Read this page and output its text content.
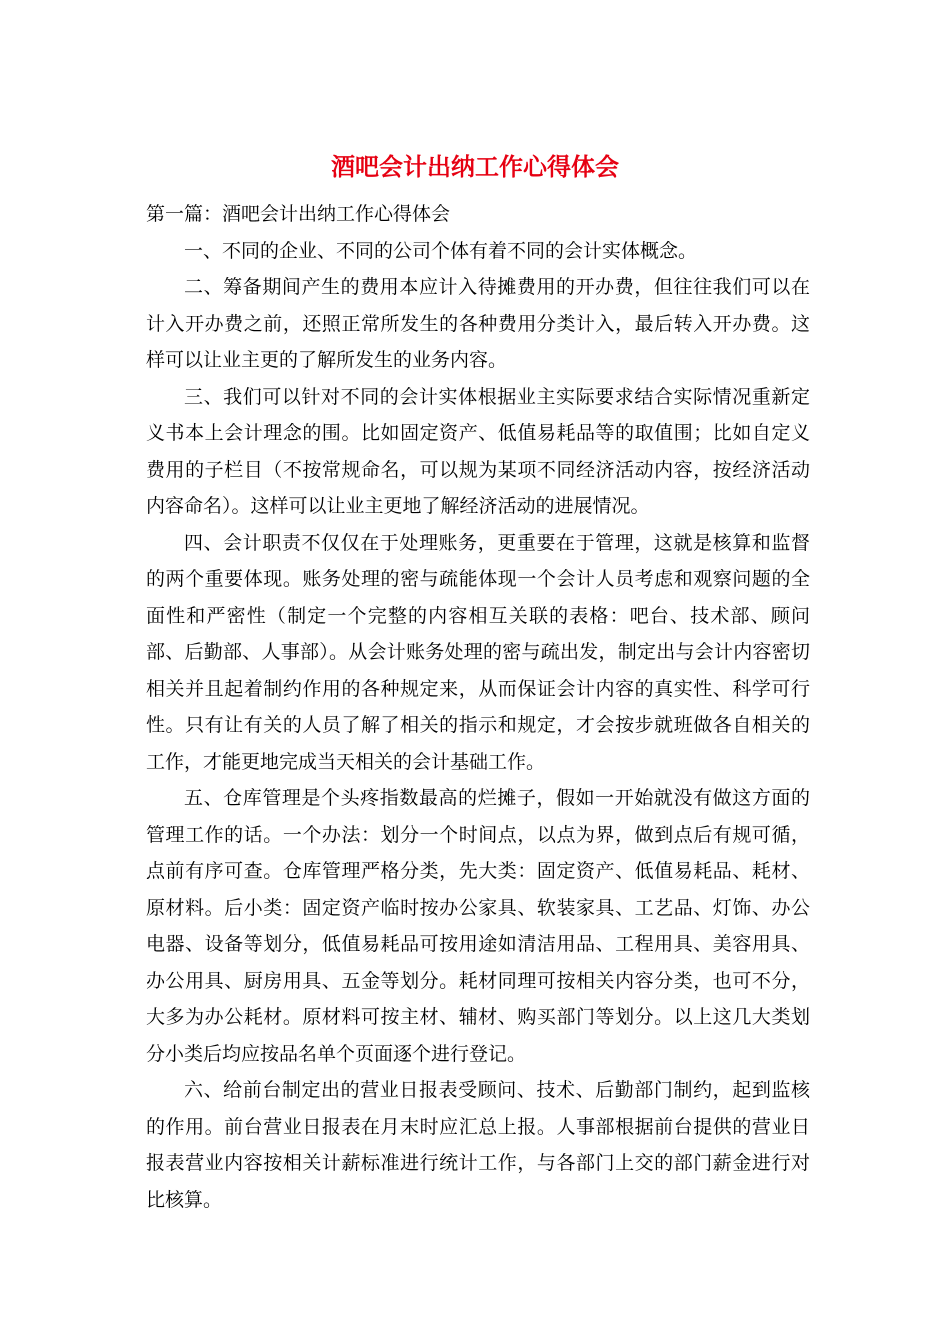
酒吧会计出纳工作心得体会

第一篇：酒吧会计出纳工作心得体会

一、不同的企业、不同的公司个体有着不同的会计实体概念。

二、筹备期间产生的费用本应计入待摊费用的开办费，但往往我们可以在计入开办费之前，还照正常所发生的各种费用分类计入，最后转入开办费。这样可以让业主更的了解所发生的业务内容。

三、我们可以针对不同的会计实体根据业主实际要求结合实际情况重新定义书本上会计理念的围。比如固定资产、低值易耗品等的取值围；比如自定义费用的子栏目（不按常规命名，可以规为某项不同经济活动内容，按经济活动内容命名）。这样可以让业主更地了解经济活动的进展情况。

四、会计职责不仅仅在于处理账务，更重要在于管理，这就是核算和监督的两个重要体现。账务处理的密与疏能体现一个会计人员考虑和观察问题的全面性和严密性（制定一个完整的内容相互关联的表格：吧台、技术部、顾问部、后勤部、人事部）。从会计账务处理的密与疏出发，制定出与会计内容密切相关并且起着制约作用的各种规定来，从而保证会计内容的真实性、科学可行性。只有让有关的人员了解了相关的指示和规定，才会按步就班做各自相关的工作，才能更地完成当天相关的会计基础工作。

五、仓库管理是个头疼指数最高的烂摊子，假如一开始就没有做这方面的管理工作的话。一个办法：划分一个时间点，以点为界，做到点后有规可循，点前有序可查。仓库管理严格分类，先大类：固定资产、低值易耗品、耗材、原材料。后小类：固定资产临时按办公家具、软装家具、工艺品、灯饰、办公电器、设备等划分，低值易耗品可按用途如清洁用品、工程用具、美容用具、办公用具、厨房用具、五金等划分。耗材同理可按相关内容分类，也可不分，大多为办公耗材。原材料可按主材、辅材、购买部门等划分。以上这几大类划分小类后均应按品名单个页面逐个进行登记。

六、给前台制定出的营业日报表受顾问、技术、后勤部门制约，起到监核的作用。前台营业日报表在月末时应汇总上报。人事部根据前台提供的营业日报表营业内容按相关计薪标准进行统计工作，与各部门上交的部门薪金进行对比核算。
